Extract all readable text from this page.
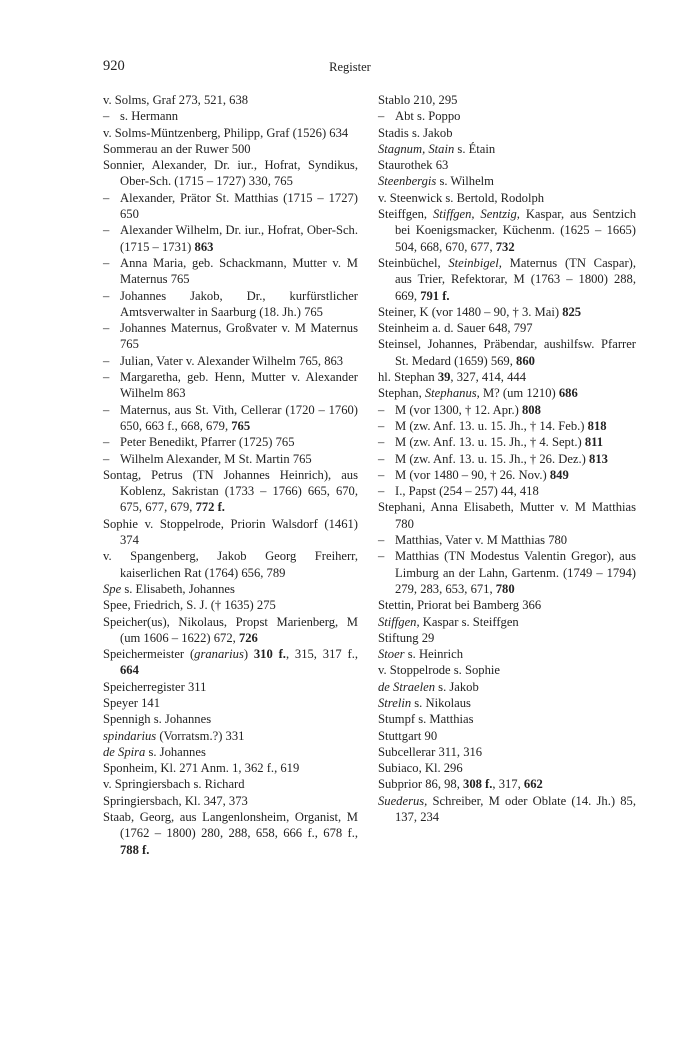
920	Register
v. Solms, Graf 273, 521, 638
– s. Hermann
v. Solms-Müntzenberg, Philipp, Graf (1526) 634
Sommerau an der Ruwer 500
Sonnier, Alexander, Dr. iur., Hofrat, Syndikus, Ober-Sch. (1715 – 1727) 330, 765
– Alexander, Prätor St. Matthias (1715 – 1727) 650
– Alexander Wilhelm, Dr. iur., Hofrat, Ober-Sch. (1715 – 1731) 863
– Anna Maria, geb. Schackmann, Mutter v. M Maternus 765
– Johannes Jakob, Dr., kurfürstlicher Amtsverwalter in Saarburg (18. Jh.) 765
– Johannes Maternus, Großvater v. M Maternus 765
– Julian, Vater v. Alexander Wilhelm 765, 863
– Margaretha, geb. Henn, Mutter v. Alexander Wilhelm 863
– Maternus, aus St. Vith, Cellerar (1720 – 1760) 650, 663 f., 668, 679, 765
– Peter Benedikt, Pfarrer (1725) 765
– Wilhelm Alexander, M St. Martin 765
Sontag, Petrus (TN Johannes Heinrich), aus Koblenz, Sakristan (1733 – 1766) 665, 670, 675, 677, 679, 772 f.
Sophie v. Stoppelrode, Priorin Walsdorf (1461) 374
v. Spangenberg, Jakob Georg Freiherr, kaiserlichen Rat (1764) 656, 789
Spe s. Elisabeth, Johannes
Spee, Friedrich, S. J. († 1635) 275
Speicher(us), Nikolaus, Propst Marienberg, M (um 1606 – 1622) 672, 726
Speichermeister (granarius) 310 f., 315, 317 f., 664
Speicherregister 311
Speyer 141
Spennigh s. Johannes
spindarius (Vorratsm.?) 331
de Spira s. Johannes
Sponheim, Kl. 271 Anm. 1, 362 f., 619
v. Springiersbach s. Richard
Springiersbach, Kl. 347, 373
Staab, Georg, aus Langenlonsheim, Organist, M (1762 – 1800) 280, 288, 658, 666 f., 678 f., 788 f.
Stablo 210, 295
– Abt s. Poppo
Stadis s. Jakob
Stagnum, Stain s. Étain
Staurothek 63
Steenbergis s. Wilhelm
v. Steenwick s. Bertold, Rodolph
Steiffgen, Stiffgen, Sentzig, Kaspar, aus Sentzich bei Koenigsmacker, Küchenm. (1625 – 1665) 504, 668, 670, 677, 732
Steinbüchel, Steinbigel, Maternus (TN Caspar), aus Trier, Refektorar, M (1763 – 1800) 288, 669, 791 f.
Steiner, K (vor 1480 – 90, † 3. Mai) 825
Steinheim a. d. Sauer 648, 797
Steinsel, Johannes, Präbendar, aushilfsw. Pfarrer St. Medard (1659) 569, 860
hl. Stephan 39, 327, 414, 444
Stephan, Stephanus, M? (um 1210) 686
– M (vor 1300, † 12. Apr.) 808
– M (zw. Anf. 13. u. 15. Jh., † 14. Feb.) 818
– M (zw. Anf. 13. u. 15. Jh., † 4. Sept.) 811
– M (zw. Anf. 13. u. 15. Jh., † 26. Dez.) 813
– M (vor 1480 – 90, † 26. Nov.) 849
– I., Papst (254 – 257) 44, 418
Stephani, Anna Elisabeth, Mutter v. M Matthias 780
– Matthias, Vater v. M Matthias 780
– Matthias (TN Modestus Valentin Gregor), aus Limburg an der Lahn, Gartenm. (1749 – 1794) 279, 283, 653, 671, 780
Stettin, Priorat bei Bamberg 366
Stiffgen, Kaspar s. Steiffgen
Stiftung 29
Stoer s. Heinrich
v. Stoppelrode s. Sophie
de Straelen s. Jakob
Strelin s. Nikolaus
Stumpf s. Matthias
Stuttgart 90
Subcellerar 311, 316
Subiaco, Kl. 296
Subprior 86, 98, 308 f., 317, 662
Suederus, Schreiber, M oder Oblate (14. Jh.) 85, 137, 234
